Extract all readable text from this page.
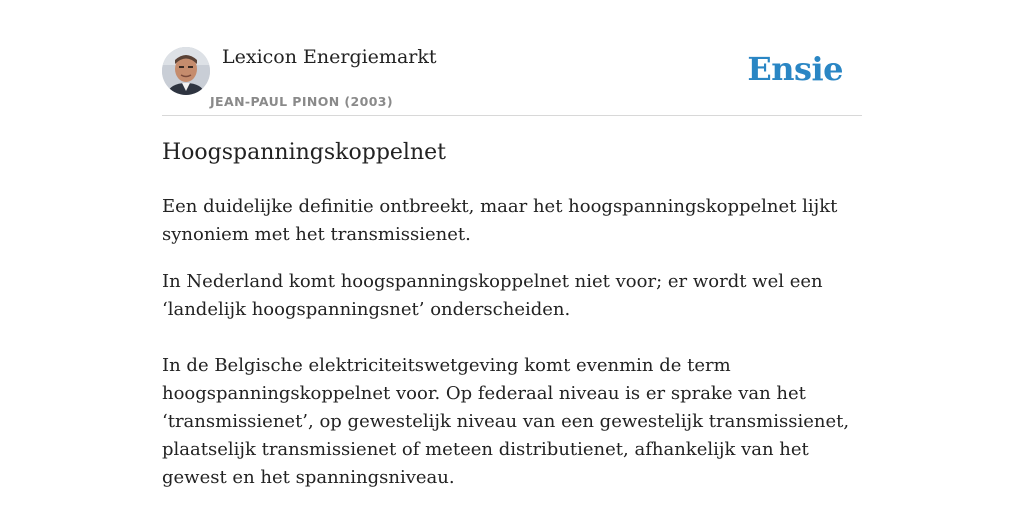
Lexicon Energiemarkt
JEAN-PAUL PINON (2003)
Ensie
Hoogspanningskoppelnet

Een duidelijke definitie ontbreekt, maar het hoogspanningskoppelnet lijkt synoniem met het transmissienet.

In Nederland komt hoogspanningskoppelnet niet voor; er wordt wel een ‘landelijk hoogspanningsnet’ onderscheiden.

In de Belgische elektriciteitswetgeving komt evenmin de term hoogspanningskoppelnet voor. Op federaal niveau is er sprake van het ‘transmissienet’, op gewestelijk niveau van een gewestelijk transmissienet, plaatselijk transmissienet of meteen distributienet, afhankelijk van het gewest en het spanningsniveau.
